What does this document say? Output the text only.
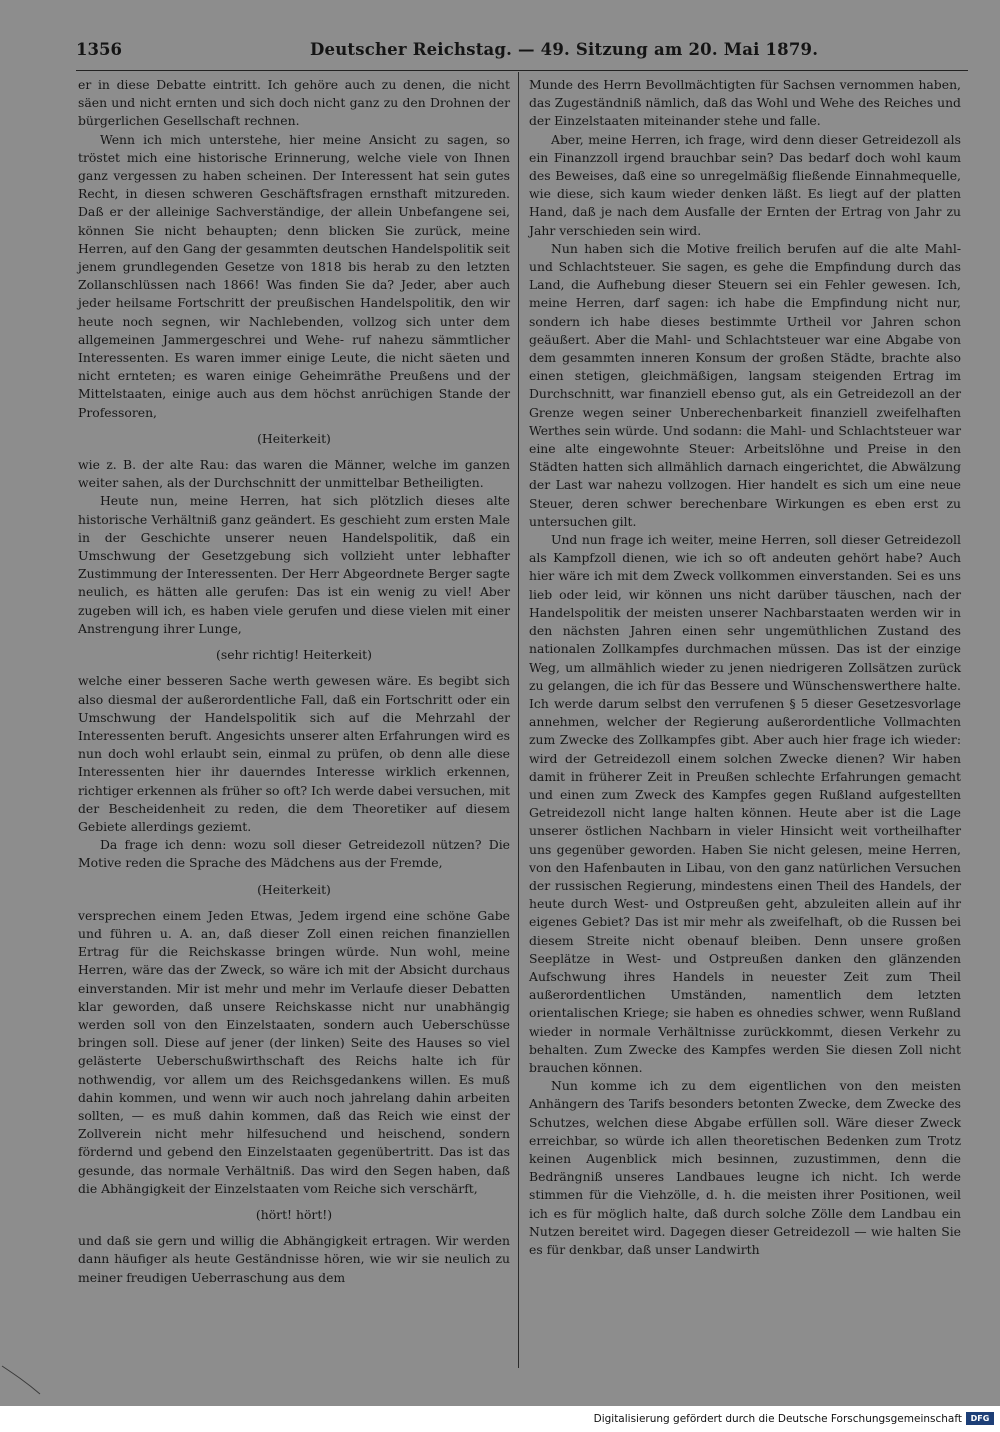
1356	Deutscher Reichstag. — 49. Sitzung am 20. Mai 1879.

er in diese Debatte eintritt. Ich gehöre auch zu denen, die nicht säen und nicht ernten und sich doch nicht ganz zu den Drohnen der bürgerlichen Gesellschaft rechnen.

Wenn ich mich unterstehe, hier meine Ansicht zu sagen, so tröstet mich eine historische Erinnerung, welche viele von Ihnen ganz vergessen zu haben scheinen. Der Interessent hat sein gutes Recht, in diesen schweren Geschäftsfragen ernsthaft mitzureden. Daß er der alleinige Sachverständige, der allein Unbefangene sei, können Sie nicht behaupten; denn blicken Sie zurück, meine Herren, auf den Gang der gesammten deutschen Handelspolitik seit jenem grundlegenden Gesetze von 1818 bis herab zu den letzten Zollanschlüssen nach 1866! Was finden Sie da? Jeder, aber auch jeder heilsame Fortschritt der preußischen Handelspolitik, den wir heute noch segnen, wir Nachlebenden, vollzog sich unter dem allgemeinen Jammergeschrei und Wehe- ruf nahezu sämmtlicher Interessenten. Es waren immer einige Leute, die nicht säeten und nicht ernteten; es waren einige Geheimräthe Preußens und der Mittelstaaten, einige auch aus dem höchst anrüchigen Stande der Professoren,

(Heiterkeit)

wie z. B. der alte Rau: das waren die Männer, welche im ganzen weiter sahen, als der Durchschnitt der unmittelbar Betheiligten.

Heute nun, meine Herren, hat sich plötzlich dieses alte historische Verhältniß ganz geändert. Es geschieht zum ersten Male in der Geschichte unserer neuen Handelspolitik, daß ein Umschwung der Gesetzgebung sich vollzieht unter lebhafter Zustimmung der Interessenten. Der Herr Abgeordnete Berger sagte neulich, es hätten alle gerufen: Das ist ein wenig zu viel! Aber zugeben will ich, es haben viele gerufen und diese vielen mit einer Anstrengung ihrer Lunge,

(sehr richtig! Heiterkeit)

welche einer besseren Sache werth gewesen wäre. Es begibt sich also diesmal der außerordentliche Fall, daß ein Fortschritt oder ein Umschwung der Handelspolitik sich auf die Mehrzahl der Interessenten beruft. Angesichts unserer alten Erfahrungen wird es nun doch wohl erlaubt sein, einmal zu prüfen, ob denn alle diese Interessenten hier ihr dauerndes Interesse wirklich erkennen, richtiger erkennen als früher so oft? Ich werde dabei versuchen, mit der Bescheidenheit zu reden, die dem Theoretiker auf diesem Gebiete allerdings geziemt.

Da frage ich denn: wozu soll dieser Getreidezoll nützen? Die Motive reden die Sprache des Mädchens aus der Fremde,

(Heiterkeit)

versprechen einem Jeden Etwas, Jedem irgend eine schöne Gabe und führen u. A. an, daß dieser Zoll einen reichen finanziellen Ertrag für die Reichskasse bringen würde. Nun wohl, meine Herren, wäre das der Zweck, so wäre ich mit der Absicht durchaus einverstanden. Mir ist mehr und mehr im Verlaufe dieser Debatten klar geworden, daß unsere Reichskasse nicht nur unabhängig werden soll von den Einzelstaaten, sondern auch Ueberschüsse bringen soll. Diese auf jener (der linken) Seite des Hauses so viel gelästerte Ueberschußwirthschaft des Reichs halte ich für nothwendig, vor allem um des Reichsgedankens willen. Es muß dahin kommen, und wenn wir auch noch jahrelang dahin arbeiten sollten, — es muß dahin kommen, daß das Reich wie einst der Zollverein nicht mehr hilfesuchend und heischend, sondern fördernd und gebend den Einzelstaaten gegenübertritt. Das ist das gesunde, das normale Verhältniß. Das wird den Segen haben, daß die Abhängigkeit der Einzelstaaten vom Reiche sich verschärft,

(hört! hört!)

und daß sie gern und willig die Abhängigkeit ertragen. Wir werden dann häufiger als heute Geständnisse hören, wie wir sie neulich zu meiner freudigen Ueberraschung aus dem

Munde des Herrn Bevollmächtigten für Sachsen vernommen haben, das Zugeständniß nämlich, daß das Wohl und Wehe des Reiches und der Einzelstaaten miteinander stehe und falle.

Aber, meine Herren, ich frage, wird denn dieser Getreidezoll als ein Finanzzoll irgend brauchbar sein? Das bedarf doch wohl kaum des Beweises, daß eine so unregelmäßig fließende Einnahmequelle, wie diese, sich kaum wieder denken läßt. Es liegt auf der platten Hand, daß je nach dem Ausfalle der Ernten der Ertrag von Jahr zu Jahr verschieden sein wird.

Nun haben sich die Motive freilich berufen auf die alte Mahl- und Schlachtsteuer. Sie sagen, es gehe die Empfindung durch das Land, die Aufhebung dieser Steuern sei ein Fehler gewesen. Ich, meine Herren, darf sagen: ich habe die Empfindung nicht nur, sondern ich habe dieses bestimmte Urtheil vor Jahren schon geäußert. Aber die Mahl- und Schlachtsteuer war eine Abgabe von dem gesammten inneren Konsum der großen Städte, brachte also einen stetigen, gleichmäßigen, langsam steigenden Ertrag im Durchschnitt, war finanziell ebenso gut, als ein Getreidezoll an der Grenze wegen seiner Unberechenbarkeit finanziell zweifelhaften Werthes sein würde. Und sodann: die Mahl- und Schlachtsteuer war eine alte eingewohnte Steuer: Arbeitslöhne und Preise in den Städten hatten sich allmählich darnach eingerichtet, die Abwälzung der Last war nahezu vollzogen. Hier handelt es sich um eine neue Steuer, deren schwer berechenbare Wirkungen es eben erst zu untersuchen gilt.

Und nun frage ich weiter, meine Herren, soll dieser Getreidezoll als Kampfzoll dienen, wie ich so oft andeuten gehört habe? Auch hier wäre ich mit dem Zweck vollkommen einverstanden. Sei es uns lieb oder leid, wir können uns nicht darüber täuschen, nach der Handelspolitik der meisten unserer Nachbarstaaten werden wir in den nächsten Jahren einen sehr ungemüthlichen Zustand des nationalen Zollkampfes durchmachen müssen. Das ist der einzige Weg, um allmählich wieder zu jenen niedrigeren Zollsätzen zurück zu gelangen, die ich für das Bessere und Wünschenswerthere halte. Ich werde darum selbst den verrufenen § 5 dieser Gesetzesvorlage annehmen, welcher der Regierung außerordentliche Vollmachten zum Zwecke des Zollkampfes gibt. Aber auch hier frage ich wieder: wird der Getreidezoll einem solchen Zwecke dienen? Wir haben damit in früherer Zeit in Preußen schlechte Erfahrungen gemacht und einen zum Zweck des Kampfes gegen Rußland aufgestellten Getreidezoll nicht lange halten können. Heute aber ist die Lage unserer östlichen Nachbarn in vieler Hinsicht weit vortheilhafter uns gegenüber geworden. Haben Sie nicht gelesen, meine Herren, von den Hafenbauten in Libau, von den ganz natürlichen Versuchen der russischen Regierung, mindestens einen Theil des Handels, der heute durch West- und Ostpreußen geht, abzuleiten allein auf ihr eigenes Gebiet? Das ist mir mehr als zweifelhaft, ob die Russen bei diesem Streite nicht obenauf bleiben. Denn unsere großen Seeplätze in West- und Ostpreußen danken den glänzenden Aufschwung ihres Handels in neuester Zeit zum Theil außerordentlichen Umständen, namentlich dem letzten orientalischen Kriege; sie haben es ohnedies schwer, wenn Rußland wieder in normale Verhältnisse zurückkommt, diesen Verkehr zu behalten. Zum Zwecke des Kampfes werden Sie diesen Zoll nicht brauchen können.

Nun komme ich zu dem eigentlichen von den meisten Anhängern des Tarifs besonders betonten Zwecke, dem Zwecke des Schutzes, welchen diese Abgabe erfüllen soll. Wäre dieser Zweck erreichbar, so würde ich allen theoretischen Bedenken zum Trotz keinen Augenblick mich besinnen, zuzustimmen, denn die Bedrängniß unseres Landbaues leugne ich nicht. Ich werde stimmen für die Viehzölle, d. h. die meisten ihrer Positionen, weil ich es für möglich halte, daß durch solche Zölle dem Landbau ein Nutzen bereitet wird. Dagegen dieser Getreidezoll — wie halten Sie es für denkbar, daß unser Landwirth

Digitalisierung gefördert durch die Deutsche Forschungsgemeinschaft	DFG
